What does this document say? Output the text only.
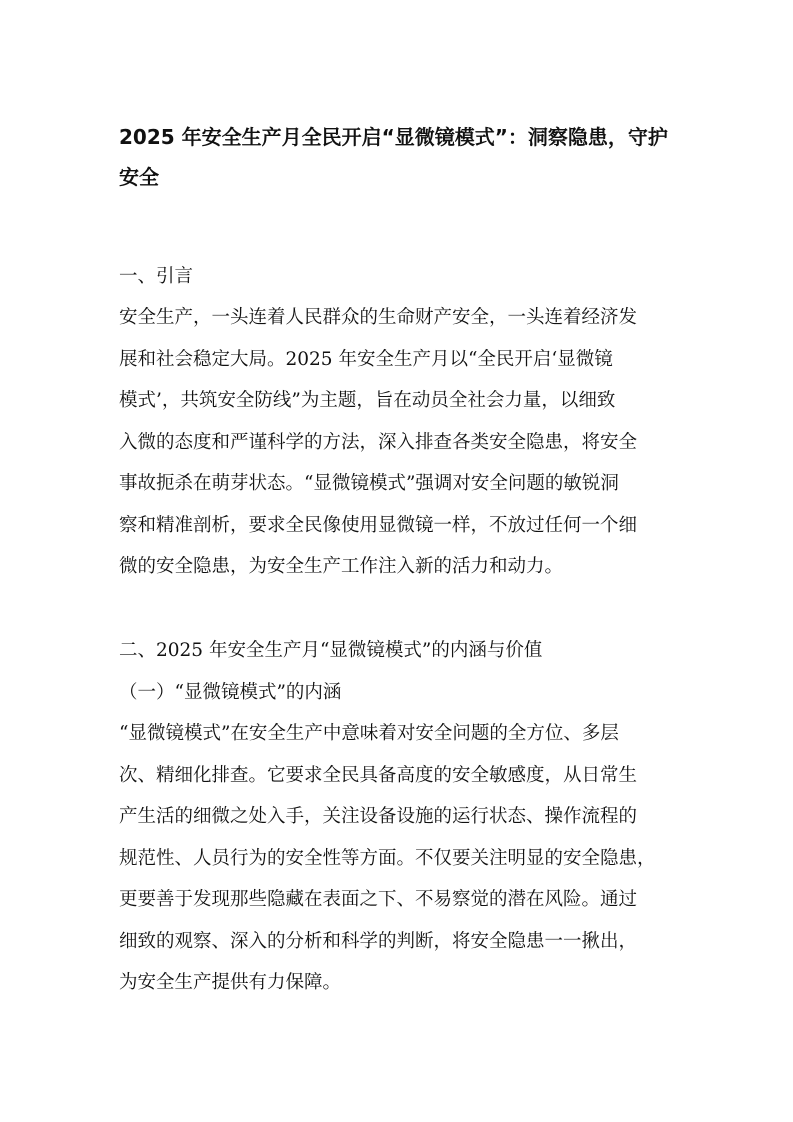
2025 年安全生产月全民开启“显微镜模式”：洞察隐患，守护安全

一、引言

安全生产，一头连着人民群众的生命财产安全，一头连着经济发
展和社会稳定大局。2025 年安全生产月以“全民开启‘显微镜
模式’，共筑安全防线”为主题，旨在动员全社会力量，以细致
入微的态度和严谨科学的方法，深入排查各类安全隐患，将安全
事故扼杀在萌芽状态。“显微镜模式”强调对安全问题的敏锐洞
察和精准剖析，要求全民像使用显微镜一样，不放过任何一个细
微的安全隐患，为安全生产工作注入新的活力和动力。

二、2025 年安全生产月“显微镜模式”的内涵与价值

（一）“显微镜模式”的内涵

“显微镜模式”在安全生产中意味着对安全问题的全方位、多层
次、精细化排查。它要求全民具备高度的安全敏感度，从日常生
产生活的细微之处入手，关注设备设施的运行状态、操作流程的
规范性、人员行为的安全性等方面。不仅要关注明显的安全隐患，
更要善于发现那些隐藏在表面之下、不易察觉的潜在风险。通过
细致的观察、深入的分析和科学的判断，将安全隐患一一揪出，
为安全生产提供有力保障。
